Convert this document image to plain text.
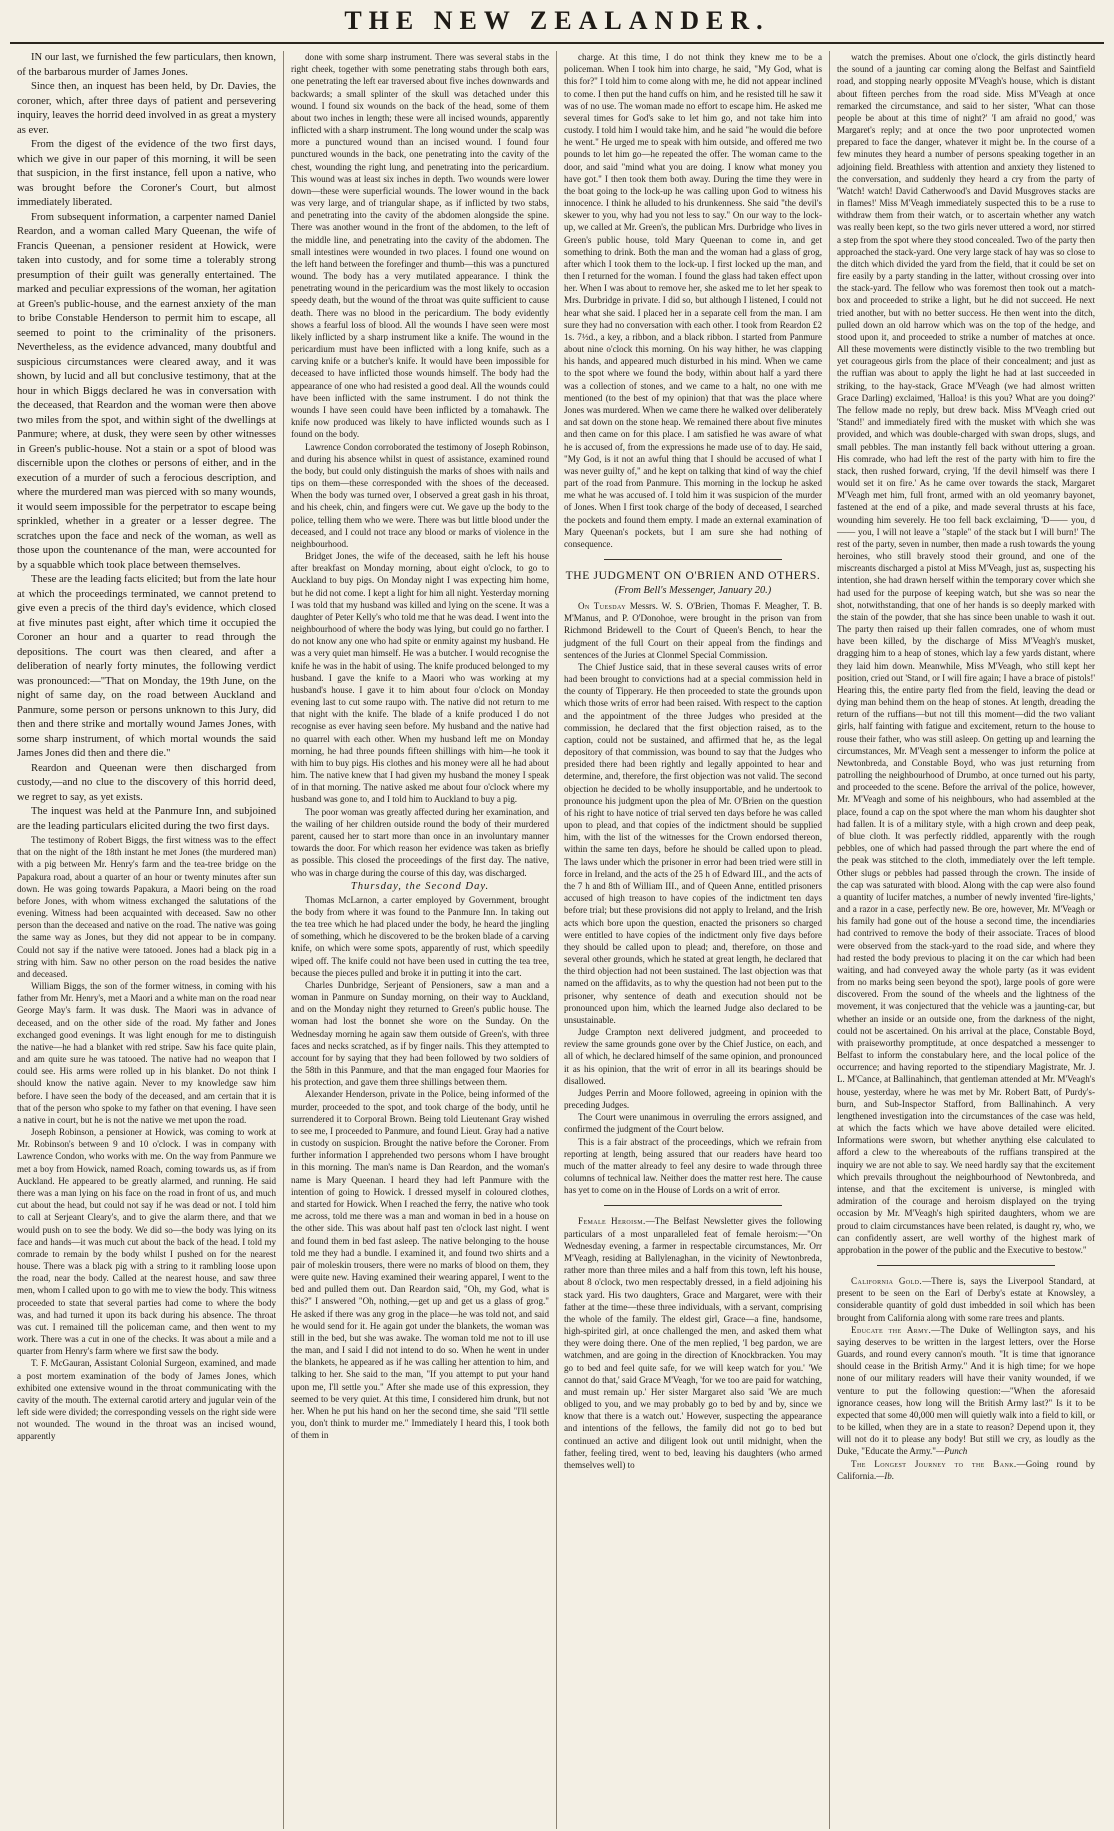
THE NEW ZEALANDER.

IN our last, we furnished the few particulars, then known, of the barbarous murder of James Jones.

Since then, an inquest has been held, by Dr. Davies, the coroner, which, after three days of patient and persevering inquiry, leaves the horrid deed involved in as great a mystery as ever.

From the digest of the evidence of the two first days, which we give in our paper of this morning, it will be seen that suspicion, in the first instance, fell upon a native, who was brought before the Coroner's Court, but almost immediately liberated.

From subsequent information, a carpenter named Daniel Reardon, and a woman called Mary Queenan, the wife of Francis Queenan, a pensioner resident at Howick, were taken into custody, and for some time a tolerably strong presumption of their guilt was generally entertained. The marked and peculiar expressions of the woman, her agitation at Green's public-house, and the earnest anxiety of the man to bribe Constable Henderson to permit him to escape, all seemed to point to the criminality of the prisoners. Nevertheless, as the evidence advanced, many doubtful and suspicious circumstances were cleared away, and it was shown, by lucid and all but conclusive testimony, that at the hour in which Biggs declared he was in conversation with the deceased, that Reardon and the woman were then above two miles from the spot, and within sight of the dwellings at Panmure; where, at dusk, they were seen by other witnesses in Green's public-house. Not a stain or a spot of blood was discernible upon the clothes or persons of either, and in the execution of a murder of such a ferocious description, and where the murdered man was pierced with so many wounds, it would seem impossible for the perpetrator to escape being sprinkled, whether in a greater or a lesser degree. The scratches upon the face and neck of the woman, as well as those upon the countenance of the man, were accounted for by a squabble which took place between themselves.

These are the leading facts elicited; but from the late hour at which the proceedings terminated, we cannot pretend to give even a precis of the third day's evidence, which closed at five minutes past eight, after which time it occupied the Coroner an hour and a quarter to read through the depositions. The court was then cleared, and after a deliberation of nearly forty minutes, the following verdict was pronounced:—"That on Monday, the 19th June, on the night of same day, on the road between Auckland and Panmure, some person or persons unknown to this Jury, did then and there strike and mortally wound James Jones, with some sharp instrument, of which mortal wounds the said James Jones did then and there die."

Reardon and Queenan were then discharged from custody,—and no clue to the discovery of this horrid deed, we regret to say, as yet exists.

The inquest was held at the Panmure Inn, and subjoined are the leading particulars elicited during the two first days.

The testimony of Robert Biggs, the first witness was to the effect that on the night of the 18th instant he met Jones (the murdered man) with a pig between Mr. Henry's farm and the tea-tree bridge on the Papakura road, about a quarter of an hour or twenty minutes after sun down. He was going towards Papakura, a Maori being on the road before Jones, with whom witness exchanged the salutations of the evening. Witness had been acquainted with deceased. Saw no other person than the deceased and native on the road. The native was going the same way as Jones, but they did not appear to be in company. Could not say if the native were tatooed. Jones had a black pig in a string with him. Saw no other person on the road besides the native and deceased.

William Biggs, the son of the former witness, in coming with his father from Mr. Henry's, met a Maori and a white man on the road near George May's farm. It was dusk. The Maori was in advance of deceased, and on the other side of the road. My father and Jones exchanged good evenings. It was light enough for me to distinguish the native—he had a blanket with red stripe. Saw his face quite plain, and am quite sure he was tatooed. The native had no weapon that I could see. His arms were rolled up in his blanket. Do not think I should know the native again. Never to my knowledge saw him before. I have seen the body of the deceased, and am certain that it is that of the person who spoke to my father on that evening. I have seen a native in court, but he is not the native we met upon the road.

Joseph Robinson, a pensioner at Howick, was coming to work at Mr. Robinson's between 9 and 10 o'clock. I was in company with Lawrence Condon, who works with me. On the way from Panmure we met a boy from Howick, named Roach, coming towards us, as if from Auckland. He appeared to be greatly alarmed, and running. He said there was a man lying on his face on the road in front of us, and much cut about the head, but could not say if he was dead or not. I told him to call at Serjeant Cleary's, and to give the alarm there, and that we would push on to see the body. We did so—the body was lying on its face and hands—it was much cut about the back of the head. I told my comrade to remain by the body whilst I pushed on for the nearest house. There was a black pig with a string to it rambling loose upon the road, near the body. Called at the nearest house, and saw three men, whom I called upon to go with me to view the body. This witness proceeded to state that several parties had come to where the body was, and had turned it upon its back during his absence. The throat was cut. I remained till the policeman came, and then went to my work. There was a cut in one of the checks. It was about a mile and a quarter from Henry's farm where we first saw the body.

T. F. McGauran, Assistant Colonial Surgeon, examined, and made a post mortem examination of the body of James Jones, which exhibited one extensive wound in the throat communicating with the cavity of the mouth. The external carotid artery and jugular vein of the left side were divided; the corresponding vessels on the right side were not wounded. The wound in the throat was an incised wound, apparently

done with some sharp instrument. There was several stabs in the right cheek, together with some penetrating stabs through both ears, one penetrating the left ear traversed about five inches downwards and backwards; a small splinter of the skull was detached under this wound. I found six wounds on the back of the head, some of them about two inches in length; these were all incised wounds, apparently inflicted with a sharp instrument. The long wound under the scalp was more a punctured wound than an incised wound. I found four punctured wounds in the back, one penetrating into the cavity of the chest, wounding the right lung, and penetrating into the pericardium. This wound was at least six inches in depth. Two wounds were lower down—these were superficial wounds. The lower wound in the back was very large, and of triangular shape, as if inflicted by two stabs, and penetrating into the cavity of the abdomen alongside the spine. There was another wound in the front of the abdomen, to the left of the middle line, and penetrating into the cavity of the abdomen. The small intestines were wounded in two places. I found one wound on the left hand between the forefinger and thumb—this was a punctured wound. The body has a very mutilated appearance. I think the penetrating wound in the pericardium was the most likely to occasion speedy death, but the wound of the throat was quite sufficient to cause death. There was no blood in the pericardium. The body evidently shows a fearful loss of blood. All the wounds I have seen were most likely inflicted by a sharp instrument like a knife. The wound in the pericardium must have been inflicted with a long knife, such as a carving knife or a butcher's knife. It would have been impossible for deceased to have inflicted those wounds himself. The body had the appearance of one who had resisted a good deal. All the wounds could have been inflicted with the same instrument. I do not think the wounds I have seen could have been inflicted by a tomahawk. The knife now produced was likely to have inflicted wounds such as I found on the body.

Lawrence Condon corroborated the testimony of Joseph Robinson, and during his absence whilst in quest of assistance, examined round the body, but could only distinguish the marks of shoes with nails and tips on them—these corresponded with the shoes of the deceased. When the body was turned over, I observed a great gash in his throat, and his cheek, chin, and fingers were cut. We gave up the body to the police, telling them who we were. There was but little blood under the deceased, and I could not trace any blood or marks of violence in the neighbourhood.

Bridget Jones, the wife of the deceased, saith he left his house after breakfast on Monday morning, about eight o'clock, to go to Auckland to buy pigs. On Monday night I was expecting him home, but he did not come. I kept a light for him all night. Yesterday morning I was told that my husband was killed and lying on the scene. It was a daughter of Peter Kelly's who told me that he was dead. I went into the neighbourhood of where the body was lying, but could go no farther. I do not know any one who had spite or enmity against my husband. He was a very quiet man himself. He was a butcher. I would recognise the knife he was in the habit of using. The knife produced belonged to my husband. I gave the knife to a Maori who was working at my husband's house. I gave it to him about four o'clock on Monday evening last to cut some raupo with. The native did not return to me that night with the knife. The blade of a knife produced I do not recognise as ever having seen before. My husband and the native had no quarrel with each other. When my husband left me on Monday morning, he had three pounds fifteen shillings with him—he took it with him to buy pigs. His clothes and his money were all he had about him. The native knew that I had given my husband the money I speak of in that morning. The native asked me about four o'clock where my husband was gone to, and I told him to Auckland to buy a pig.

The poor woman was greatly affected during her examination, and the wailing of her children outside round the body of their murdered parent, caused her to start more than once in an involuntary manner towards the door. For which reason her evidence was taken as briefly as possible. This closed the proceedings of the first day. The native, who was in charge during the course of this day, was discharged.

Thursday, the Second Day.

Thomas McLarnon, a carter employed by Government, brought the body from where it was found to the Panmure Inn. In taking out the tea tree which he had placed under the body, he heard the jingling of something, which he discovered to be the broken blade of a carving knife, on which were some spots, apparently of rust, which speedily wiped off. The knife could not have been used in cutting the tea tree, because the pieces pulled and broke it in putting it into the cart.

Charles Dunbridge, Serjeant of Pensioners, saw a man and a woman in Panmure on Sunday morning, on their way to Auckland, and on the Monday night they returned to Green's public house. The woman had lost the bonnet she wore on the Sunday. On the Wednesday morning he again saw them outside of Green's, with three faces and necks scratched, as if by finger nails. This they attempted to account for by saying that they had been followed by two soldiers of the 58th in this Panmure, and that the man engaged four Maories for his protection, and gave them three shillings between them.

Alexander Henderson, private in the Police, being informed of the murder, proceeded to the spot, and took charge of the body, until he surrendered it to Corporal Brown. Being told Lieutenant Gray wished to see me, I proceeded to Panmure, and found Lieut. Gray had a native in custody on suspicion. Brought the native before the Coroner. From further information I apprehended two persons whom I have brought in this morning. The man's name is Dan Reardon, and the woman's name is Mary Queenan. I heard they had left Panmure with the intention of going to Howick. I dressed myself in coloured clothes, and started for Howick. When I reached the ferry, the native who took me across, told me there was a man and woman in bed in a house on the other side. This was about half past ten o'clock last night. I went and found them in bed fast asleep. The native belonging to the house told me they had a bundle. I examined it, and found two shirts and a pair of moleskin trousers, there were no marks of blood on them, they were quite new. Having examined their wearing apparel, I went to the bed and pulled them out. Dan Reardon said, "Oh, my God, what is this?" I answered "Oh, nothing,—get up and get us a glass of grog." He asked if there was any grog in the place—he was told not, and said he would send for it. He again got under the blankets, the woman was still in the bed, but she was awake. The woman told me not to ill use the man, and I said I did not intend to do so. When he went in under the blankets, he appeared as if he was calling her attention to him, and talking to her. She said to the man, "If you attempt to put your hand upon me, I'll settle you." After she made use of this expression, they seemed to be very quiet. At this time, I considered him drunk, but not her. When he put his hand on her the second time, she said "I'll settle you, don't think to murder me." Immediately I heard this, I took both of them in

charge. At this time, I do not think they knew me to be a policeman. When I took him into charge, he said, "My God, what is this for?" I told him to come along with me, he did not appear inclined to come. I then put the hand cuffs on him, and he resisted till he saw it was of no use. The woman made no effort to escape him. He asked me several times for God's sake to let him go, and not take him into custody. I told him I would take him, and he said "he would die before he went." He urged me to speak with him outside, and offered me two pounds to let him go—he repeated the offer. The woman came to the door, and said "mind what you are doing. I know what money you have got." I then took them both away. During the time they were in the boat going to the lock-up he was calling upon God to witness his innocence. I think he alluded to his drunkenness. She said "the devil's skewer to you, why had you not less to say." On our way to the lock-up, we called at Mr. Green's, the publican Mrs. Durbridge who lives in Green's public house, told Mary Queenan to come in, and get something to drink. Both the man and the woman had a glass of grog, after which I took them to the lock-up. I first locked up the man, and then I returned for the woman. I found the glass had taken effect upon her. When I was about to remove her, she asked me to let her speak to Mrs. Durbridge in private. I did so, but although I listened, I could not hear what she said. I placed her in a separate cell from the man. I am sure they had no conversation with each other. I took from Reardon £2 1s. 7½d., a key, a ribbon, and a black ribbon. I started from Panmure about nine o'clock this morning. On his way hither, he was clapping his hands, and appeared much disturbed in his mind. When we came to the spot where we found the body, within about half a yard there was a collection of stones, and we came to a halt, no one with me mentioned (to the best of my opinion) that that was the place where Jones was murdered. When we came there he walked over deliberately and sat down on the stone heap. We remained there about five minutes and then came on for this place. I am satisfied he was aware of what he is accused of, from the expressions he made use of to day. He said, "My God, is it not an awful thing that I should be accused of what I was never guilty of," and he kept on talking that kind of way the chief part of the road from Panmure. This morning in the lockup he asked me what he was accused of. I told him it was suspicion of the murder of Jones. When I first took charge of the body of deceased, I searched the pockets and found them empty. I made an external examination of Mary Queenan's pockets, but I am sure she had nothing of consequence.

THE JUDGMENT ON O'BRIEN AND OTHERS.
(From Bell's Messenger, January 20.)

On Tuesday Messrs. W. S. O'Brien, Thomas F. Meagher, T. B. M'Manus, and P. O'Donohoe, were brought in the prison van from Richmond Bridewell to the Court of Queen's Bench, to hear the judgment of the full Court on their appeal from the findings and sentences of the Juries at Clonmel Special Commission.

The Chief Justice said, that in these several causes writs of error had been brought to convictions had at a special commission held in the county of Tipperary. He then proceeded to state the grounds upon which those writs of error had been raised. With respect to the caption and the appointment of the three Judges who presided at the commission, he declared that the first objection raised, as to the caption, could not be sustained, and affirmed that he, as the legal depository of that commission, was bound to say that the Judges who presided there had been rightly and legally appointed to hear and determine, and, therefore, the first objection was not valid. The second objection he decided to be wholly insupportable, and he undertook to pronounce his judgment upon the plea of Mr. O'Brien on the question of his right to have notice of trial served ten days before he was called upon to plead, and that copies of the indictment should be supplied him, with the list of the witnesses for the Crown endorsed thereon, within the same ten days, before he should be called upon to plead. The laws under which the prisoner in error had been tried were still in force in Ireland, and the acts of the 25 h of Edward III., and the acts of the 7 h and 8th of William III., and of Queen Anne, entitled prisoners accused of high treason to have copies of the indictment ten days before trial; but these provisions did not apply to Ireland, and the Irish acts which bore upon the question, enacted the prisoners so charged were entitled to have copies of the indictment only five days before they should be called upon to plead; and, therefore, on those and several other grounds, which he stated at great length, he declared that the third objection had not been sustained. The last objection was that named on the affidavits, as to why the question had not been put to the prisoner, why sentence of death and execution should not be pronounced upon him, which the learned Judge also declared to be unsustainable.

Judge Crampton next delivered judgment, and proceeded to review the same grounds gone over by the Chief Justice, on each, and all of which, he declared himself of the same opinion, and pronounced it as his opinion, that the writ of error in all its bearings should be disallowed.

Judges Perrin and Moore followed, agreeing in opinion with the preceding Judges.

The Court were unanimous in overruling the errors assigned, and confirmed the judgment of the Court below.

This is a fair abstract of the proceedings, which we refrain from reporting at length, being assured that our readers have heard too much of the matter already to feel any desire to wade through three columns of technical law. Neither does the matter rest here. The cause has yet to come on in the House of Lords on a writ of error.

Female Heroism.—The Belfast Newsletter gives the following particulars of a most unparalleled feat of female heroism:—"On Wednesday evening, a farmer in respectable circumstances, Mr. Orr M'Veagh, residing at Ballylenaghan, in the vicinity of Newtonbreda, rather more than three miles and a half from this town, left his house, about 8 o'clock, two men respectably dressed, in a field adjoining his stack yard. His two daughters, Grace and Margaret, were with their father at the time—these three individuals, with a servant, comprising the whole of the family. The eldest girl, Grace—a fine, handsome, high-spirited girl, at once challenged the men, and asked them what they were doing there. One of the men replied, 'I beg pardon, we are watchmen, and are going in the direction of Knockbracken. You may go to bed and feel quite safe, for we will keep watch for you.' 'We cannot do that,' said Grace M'Veagh, 'for we too are paid for watching, and must remain up.' Her sister Margaret also said 'We are much obliged to you, and we may probably go to bed by and by, since we know that there is a watch out.' However, suspecting the appearance and intentions of the fellows, the family did not go to bed but continued an active and diligent look out until midnight, when the father, feeling tired, went to bed, leaving his daughters (who armed themselves well) to

watch the premises. About one o'clock, the girls distinctly heard the sound of a jaunting car coming along the Belfast and Saintfield road, and stopping nearly opposite M'Veagh's house, which is distant about fifteen perches from the road side. Miss M'Veagh at once remarked the circumstance, and said to her sister, 'What can those people be about at this time of night?' 'I am afraid no good,' was Margaret's reply; and at once the two poor unprotected women prepared to face the danger, whatever it might be. In the course of a few minutes they heard a number of persons speaking together in an adjoining field. Breathless with attention and anxiety they listened to the conversation, and suddenly they heard a cry from the party of 'Watch! watch! David Catherwood's and David Musgroves stacks are in flames!' Miss M'Veagh immediately suspected this to be a ruse to withdraw them from their watch, or to ascertain whether any watch was really been kept, so the two girls never uttered a word, nor stirred a step from the spot where they stood concealed. Two of the party then approached the stack-yard. One very large stack of hay was so close to the ditch which divided the yard from the field, that it could be set on fire easily by a party standing in the latter, without crossing over into the stack-yard. The fellow who was foremost then took out a match-box and proceeded to strike a light, but he did not succeed. He next tried another, but with no better success. He then went into the ditch, pulled down an old harrow which was on the top of the hedge, and stood upon it, and proceeded to strike a number of matches at once. All these movements were distinctly visible to the two trembling but yet courageous girls from the place of their concealment; and just as the ruffian was about to apply the light he had at last succeeded in striking, to the hay-stack, Grace M'Veagh (we had almost written Grace Darling) exclaimed, 'Halloa! is this you? What are you doing?' The fellow made no reply, but drew back. Miss M'Veagh cried out 'Stand!' and immediately fired with the musket with which she was provided, and which was double-charged with swan drops, slugs, and small pebbles. The man instantly fell back without uttering a groan. His comrade, who had left the rest of the party with him to fire the stack, then rushed forward, crying, 'If the devil himself was there I would set it on fire.' As he came over towards the stack, Margaret M'Veagh met him, full front, armed with an old yeomanry bayonet, fastened at the end of a pike, and made several thrusts at his face, wounding him severely. He too fell back exclaiming, 'D—— you, d—— you, I will not leave a "staple" of the stack but I will burn!' The rest of the party, seven in number, then made a rush towards the young heroines, who still bravely stood their ground, and one of the miscreants discharged a pistol at Miss M'Veagh, just as, suspecting his intention, she had drawn herself within the temporary cover which she had used for the purpose of keeping watch, but she was so near the shot, notwithstanding, that one of her hands is so deeply marked with the stain of the powder, that she has since been unable to wash it out. The party then raised up their fallen comrades, one of whom must have been killed, by the discharge of Miss M'Veagh's musket, dragging him to a heap of stones, which lay a few yards distant, where they laid him down. Meanwhile, Miss M'Veagh, who still kept her position, cried out 'Stand, or I will fire again; I have a brace of pistols!' Hearing this, the entire party fled from the field, leaving the dead or dying man behind them on the heap of stones. At length, dreading the return of the ruffians—but not till this moment—did the two valiant girls, half fainting with fatigue and excitement, return to the house to rouse their father, who was still asleep. On getting up and learning the circumstances, Mr. M'Veagh sent a messenger to inform the police at Newtonbreda, and Constable Boyd, who was just returning from patrolling the neighbourhood of Drumbo, at once turned out his party, and proceeded to the scene. Before the arrival of the police, however, Mr. M'Veagh and some of his neighbours, who had assembled at the place, found a cap on the spot where the man whom his daughter shot had fallen. It is of a military style, with a high crown and deep peak, of blue cloth. It was perfectly riddled, apparently with the rough pebbles, one of which had passed through the part where the end of the peak was stitched to the cloth, immediately over the left temple. Other slugs or pebbles had passed through the crown. The inside of the cap was saturated with blood. Along with the cap were also found a quantity of lucifer matches, a number of newly invented 'fire-lights,' and a razor in a case, perfectly new. Be ore, however, Mr. M'Veagh or his family had gone out of the house a second time, the incendiaries had contrived to remove the body of their associate. Traces of blood were observed from the stack-yard to the road side, and where they had rested the body previous to placing it on the car which had been waiting, and had conveyed away the whole party (as it was evident from no marks being seen beyond the spot), large pools of gore were discovered. From the sound of the wheels and the lightness of the movement, it was conjectured that the vehicle was a jaunting-car, but whether an inside or an outside one, from the darkness of the night, could not be ascertained. On his arrival at the place, Constable Boyd, with praiseworthy promptitude, at once despatched a messenger to Belfast to inform the constabulary here, and the local police of the occurrence; and having reported to the stipendiary Magistrate, Mr. J. L. M'Cance, at Ballinahinch, that gentleman attended at Mr. M'Veagh's house, yesterday, where he was met by Mr. Robert Batt, of Purdy's-burn, and Sub-Inspector Stafford, from Ballinahinch. A very lengthened investigation into the circumstances of the case was held, at which the facts which we have above detailed were elicited. Informations were sworn, but whether anything else calculated to afford a clew to the whereabouts of the ruffians transpired at the inquiry we are not able to say. We need hardly say that the excitement which prevails throughout the neighbourhood of Newtonbreda, and intense, and that the excitement is universe, is mingled with admiration of the courage and heroism displayed on the trying occasion by Mr. M'Veagh's high spirited daughters, whom we are proud to claim circumstances have been related, is daught ry, who, we can confidently assert, are well worthy of the highest mark of approbation in the power of the public and the Executive to bestow."

California Gold.—There is, says the Liverpool Standard, at present to be seen on the Earl of Derby's estate at Knowsley, a considerable quantity of gold dust imbedded in soil which has been brought from California along with some rare trees and plants.

Educate the Army.—The Duke of Wellington says, and his saying deserves to be written in the largest letters, over the Horse Guards, and round every cannon's mouth. "It is time that ignorance should cease in the British Army." And it is high time; for we hope none of our military readers will have their vanity wounded, if we venture to put the following question:—"When the aforesaid ignorance ceases, how long will the British Army last?" Is it to be expected that some 40,000 men will quietly walk into a field to kill, or to be killed, when they are in a state to reason? Depend upon it, they will not do it to please any body! But still we cry, as loudly as the Duke, "Educate the Army."—Punch

The Longest Journey to the Bank.—Going round by California.—Ib.
